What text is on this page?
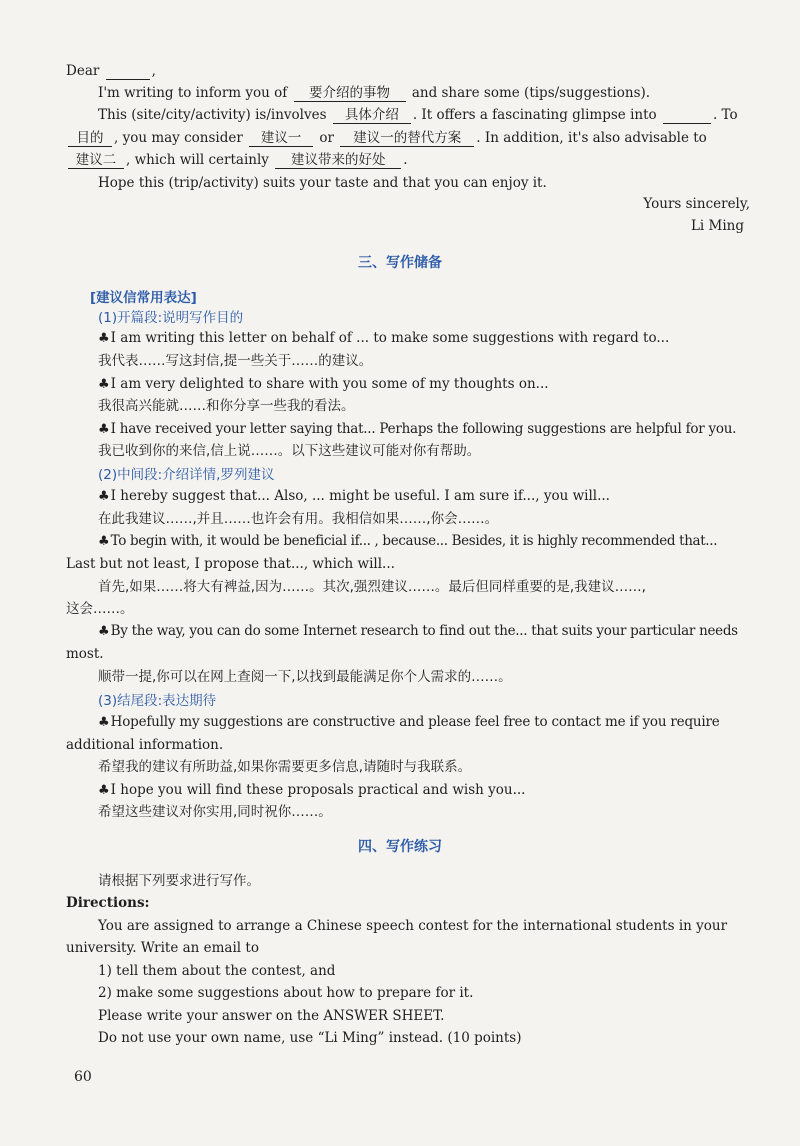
Dear	,
I'm writing to inform you of 要介绍的事物 and share some (tips/suggestions).
This (site/city/activity) is/involves 具体介绍 . It offers a fascinating glimpse into	. To
目的 , you may consider 建议一 or 建议一的替代方案 . In addition, it's also advisable to
建议二 , which will certainly 建议带来的好处 .
Hope this (trip/activity) suits your taste and that you can enjoy it.
Yours sincerely,
Li Ming
三、写作储备
[建议信常用表达]
(1)开篇段:说明写作目的
♣I am writing this letter on behalf of ... to make some suggestions with regard to...
我代表……写这封信,提一些关于……的建议。
♣I am very delighted to share with you some of my thoughts on...
我很高兴能就……和你分享一些我的看法。
♣I have received your letter saying that... Perhaps the following suggestions are helpful for you.
我已收到你的来信,信上说……。以下这些建议可能对你有帮助。
(2)中间段:介绍详情,罗列建议
♣I hereby suggest that... Also, ... might be useful. I am sure if..., you will...
在此我建议……,并且……也许会有用。我相信如果……,你会……。
♣To begin with, it would be beneficial if... , because... Besides, it is highly recommended that...
Last but not least, I propose that..., which will...
首先,如果……将大有裨益,因为……。其次,强烈建议……。最后但同样重要的是,我建议……,
这会……。
♣By the way, you can do some Internet research to find out the... that suits your particular needs
most.
顺带一提,你可以在网上查阅一下,以找到最能满足你个人需求的……。
(3)结尾段:表达期待
♣Hopefully my suggestions are constructive and please feel free to contact me if you require
additional information.
希望我的建议有所助益,如果你需要更多信息,请随时与我联系。
♣I hope you will find these proposals practical and wish you...
希望这些建议对你实用,同时祝你……。
四、写作练习
请根据下列要求进行写作。
Directions:
You are assigned to arrange a Chinese speech contest for the international students in your
university. Write an email to
1) tell them about the contest, and
2) make some suggestions about how to prepare for it.
Please write your answer on the ANSWER SHEET.
Do not use your own name, use “Li Ming” instead. (10 points)
60
